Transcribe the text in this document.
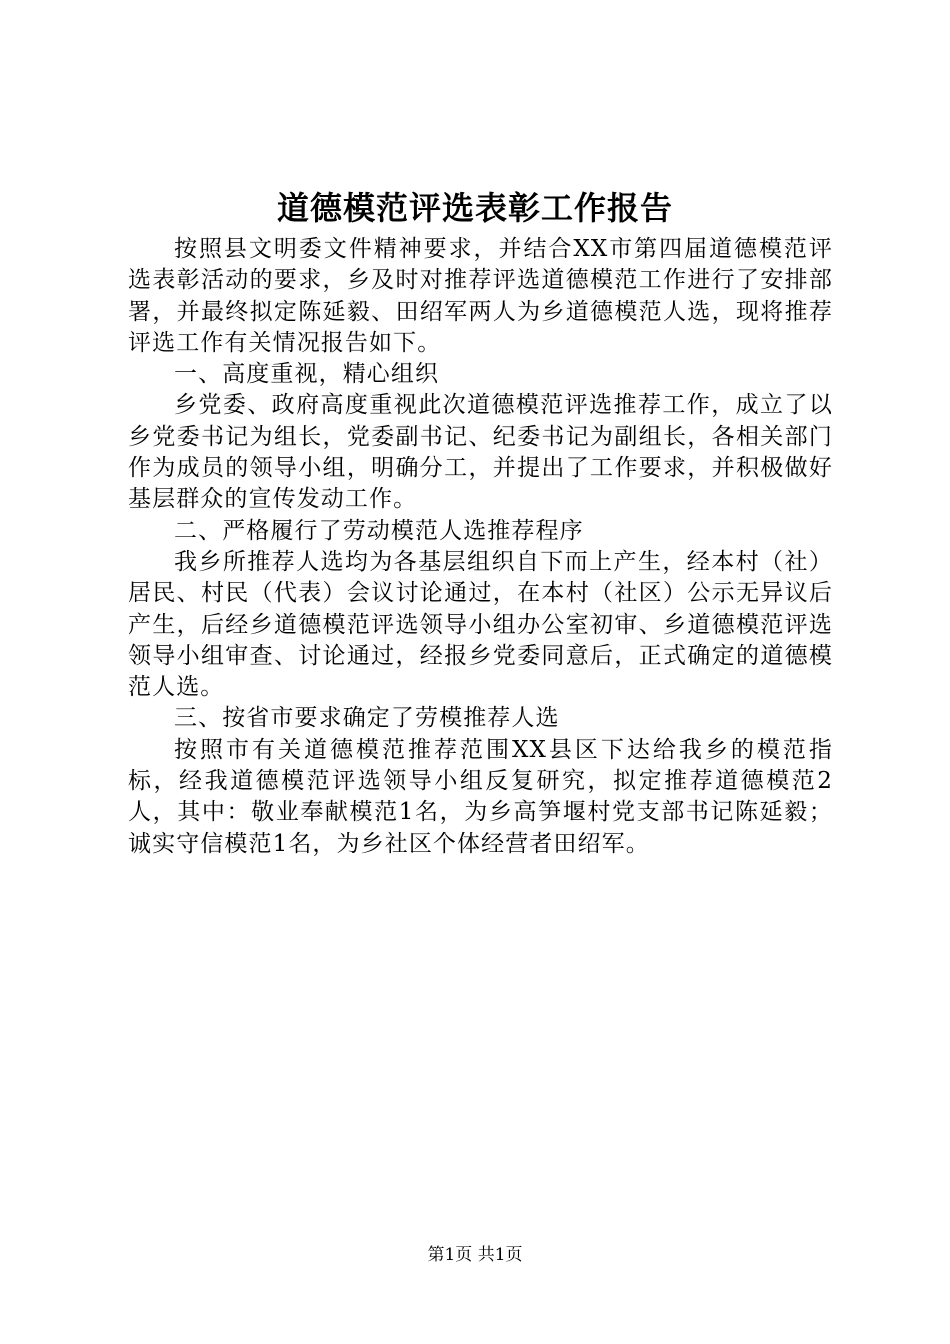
道德模范评选表彰工作报告

按照县文明委文件精神要求，并结合XX市第四届道德模范评选表彰活动的要求，乡及时对推荐评选道德模范工作进行了安排部署，并最终拟定陈延毅、田绍军两人为乡道德模范人选，现将推荐评选工作有关情况报告如下。

一、高度重视，精心组织

乡党委、政府高度重视此次道德模范评选推荐工作，成立了以乡党委书记为组长，党委副书记、纪委书记为副组长，各相关部门作为成员的领导小组，明确分工，并提出了工作要求，并积极做好基层群众的宣传发动工作。

二、严格履行了劳动模范人选推荐程序

我乡所推荐人选均为各基层组织自下而上产生，经本村（社）居民、村民（代表）会议讨论通过，在本村（社区）公示无异议后产生，后经乡道德模范评选领导小组办公室初审、乡道德模范评选领导小组审查、讨论通过，经报乡党委同意后，正式确定的道德模范人选。

三、按省市要求确定了劳模推荐人选

按照市有关道德模范推荐范围XX县区下达给我乡的模范指标，经我道德模范评选领导小组反复研究，拟定推荐道德模范2人，其中：敬业奉献模范1名，为乡高笋堰村党支部书记陈延毅；诚实守信模范1名，为乡社区个体经营者田绍军。

第1页 共1页
